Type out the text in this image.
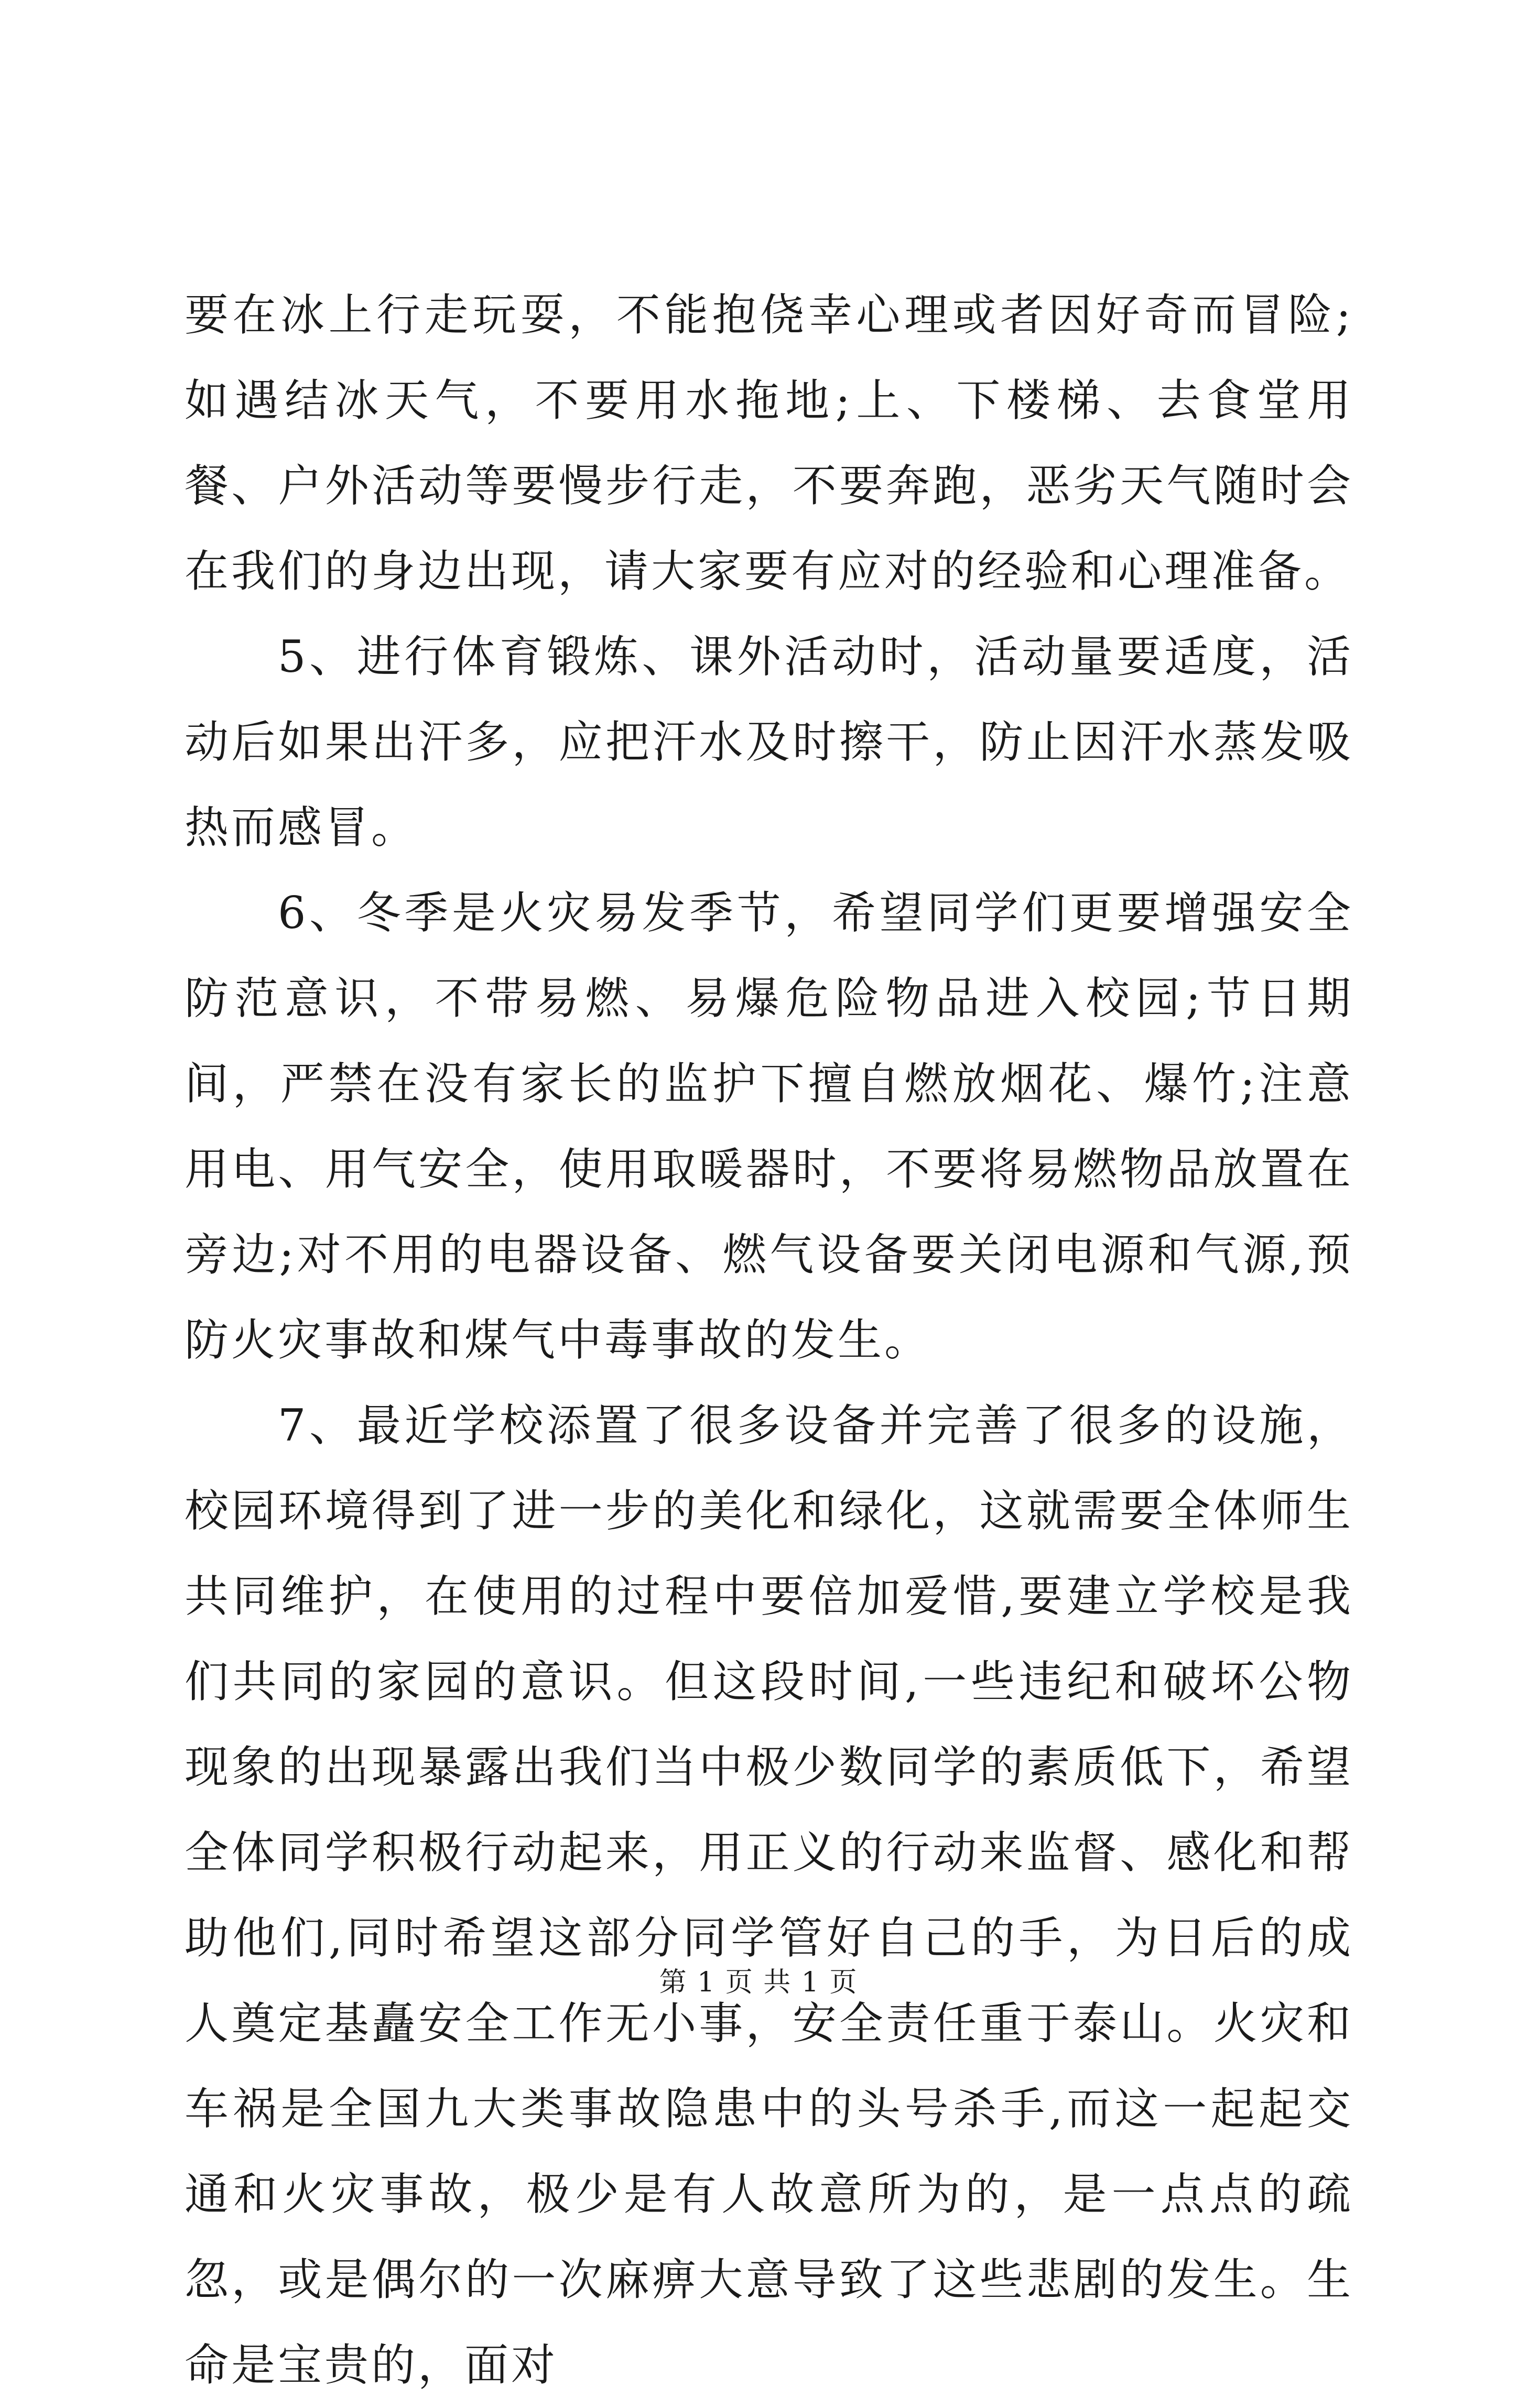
要在冰上行走玩耍，不能抱侥幸心理或者因好奇而冒险;如遇结冰天气，不要用水拖地;上、下楼梯、去食堂用餐、户外活动等要慢步行走，不要奔跑，恶劣天气随时会在我们的身边出现，请大家要有应对的经验和心理准备。

5、进行体育锻炼、课外活动时，活动量要适度，活动后如果出汗多，应把汗水及时擦干，防止因汗水蒸发吸热而感冒。

6、冬季是火灾易发季节，希望同学们更要增强安全防范意识，不带易燃、易爆危险物品进入校园;节日期间，严禁在没有家长的监护下擅自燃放烟花、爆竹;注意用电、用气安全，使用取暖器时，不要将易燃物品放置在旁边;对不用的电器设备、燃气设备要关闭电源和气源,预防火灾事故和煤气中毒事故的发生。

7、最近学校添置了很多设备并完善了很多的设施，校园环境得到了进一步的美化和绿化，这就需要全体师生共同维护，在使用的过程中要倍加爱惜,要建立学校是我们共同的家园的意识。但这段时间,一些违纪和破坏公物现象的出现暴露出我们当中极少数同学的素质低下，希望全体同学积极行动起来，用正义的行动来监督、感化和帮助他们,同时希望这部分同学管好自己的手，为日后的成人奠定基矗安全工作无小事，安全责任重于泰山。火灾和车祸是全国九大类事故隐患中的头号杀手,而这一起起交通和火灾事故，极少是有人故意所为的，是一点点的疏忽，或是偶尔的一次麻痹大意导致了这些悲剧的发生。生命是宝贵的，面对

第 1 页 共 1 页
